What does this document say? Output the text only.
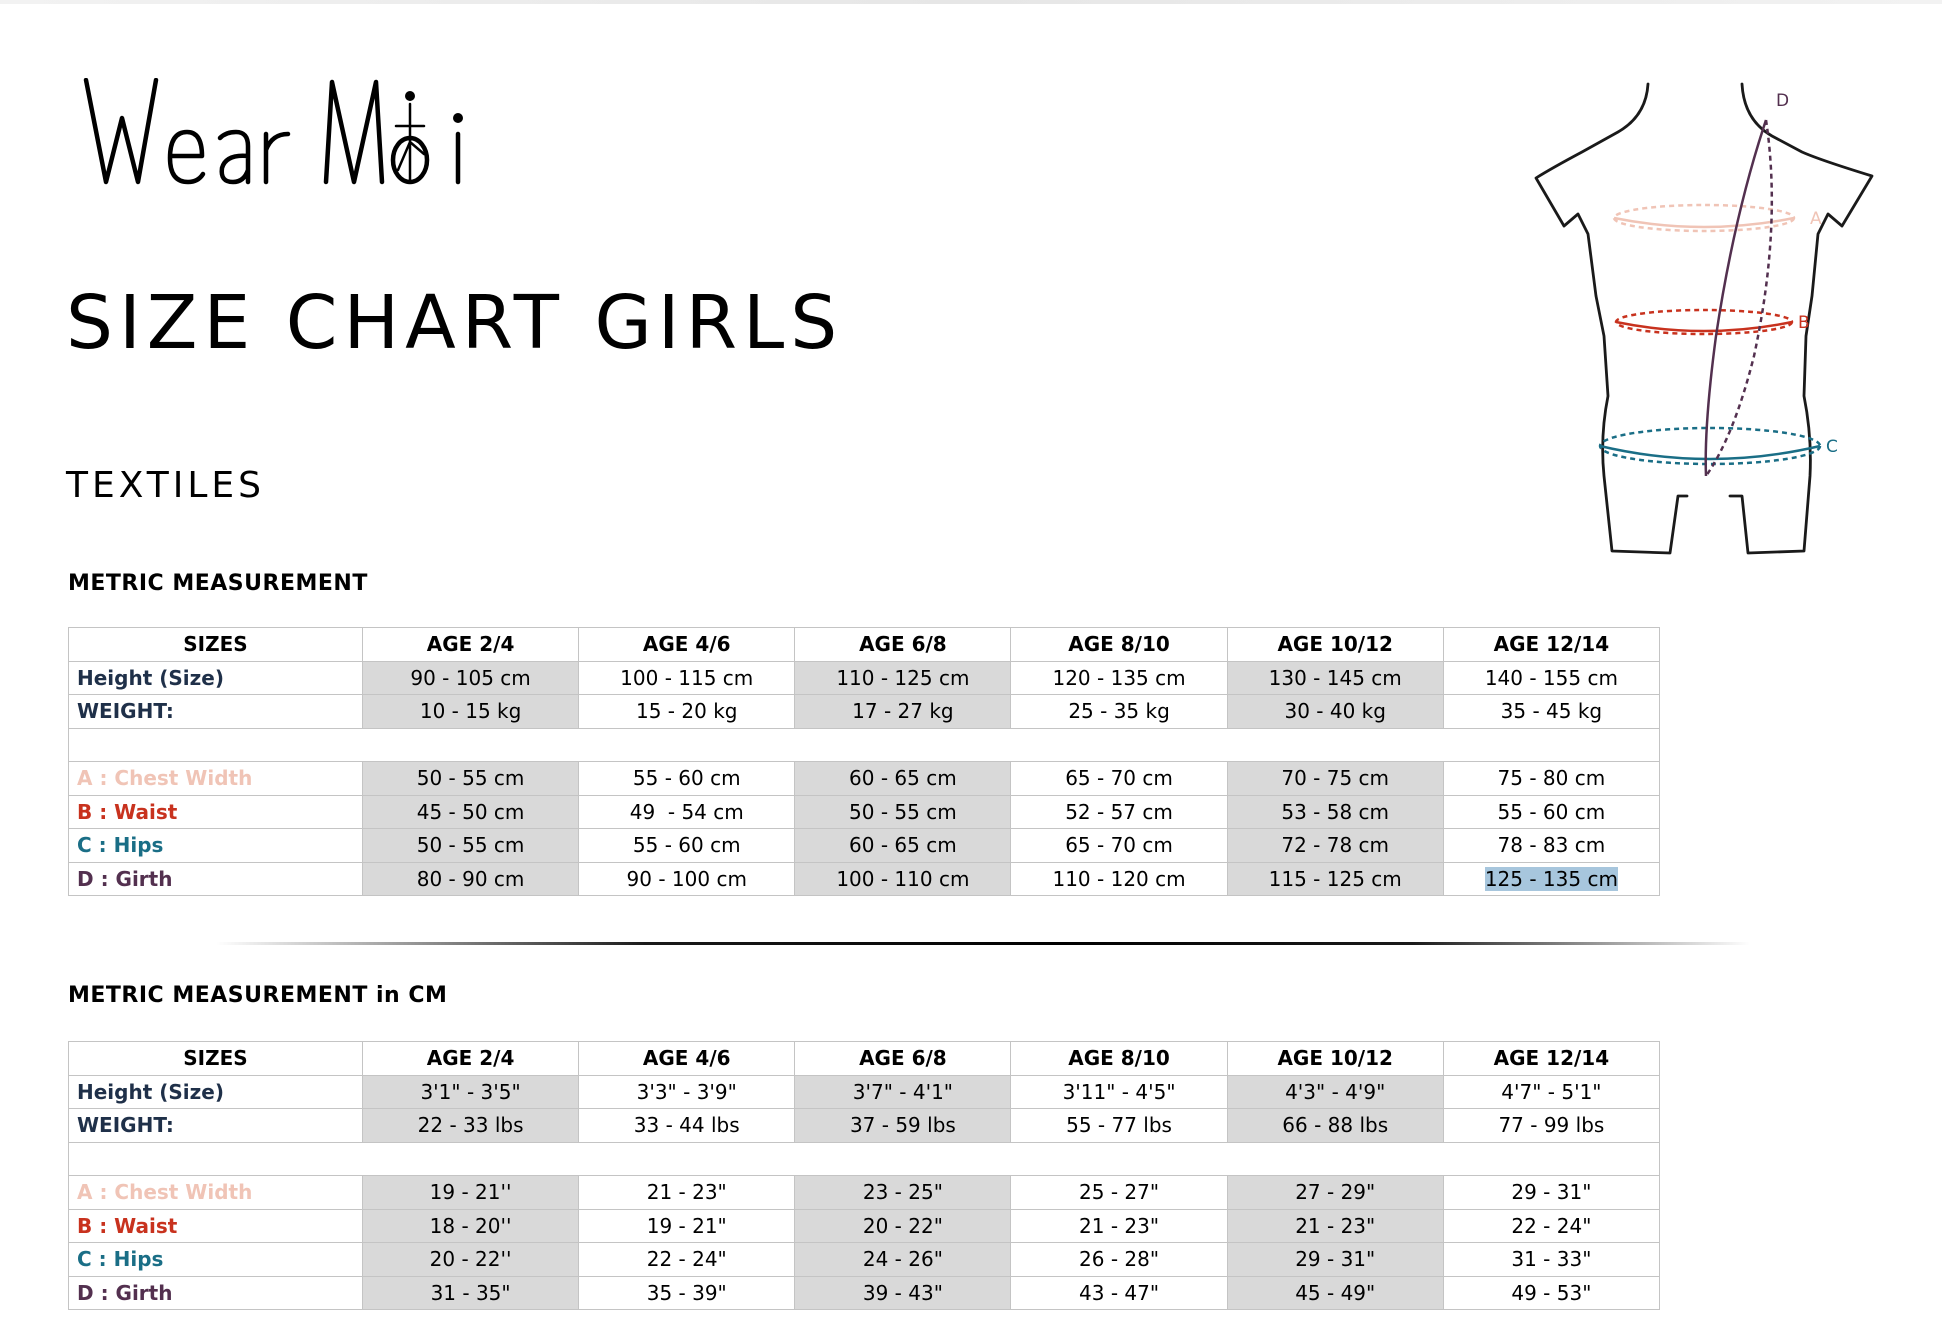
SIZE CHART GIRLS
TEXTILES
A
B
C
D
METRIC MEASUREMENT
SIZES	AGE 2/4	AGE 4/6	AGE 6/8	AGE 8/10	AGE 10/12	AGE 12/14
Height (Size)	90 - 105 cm	100 - 115 cm	110 - 125 cm	120 - 135 cm	130 - 145 cm	140 - 155 cm
WEIGHT:	10 - 15 kg	15 - 20 kg	17 - 27 kg	25 - 35 kg	30 - 40 kg	35 - 45 kg

A : Chest Width	50 - 55 cm	55 - 60 cm	60 - 65 cm	65 - 70 cm	70 - 75 cm	75 - 80 cm
B : Waist	45 - 50 cm	49  - 54 cm	50 - 55 cm	52 - 57 cm	53 - 58 cm	55 - 60 cm
C : Hips	50 - 55 cm	55 - 60 cm	60 - 65 cm	65 - 70 cm	72 - 78 cm	78 - 83 cm
D : Girth	80 - 90 cm	90 - 100 cm	100 - 110 cm	110 - 120 cm	115 - 125 cm	125 - 135 cm
METRIC MEASUREMENT in CM
SIZES	AGE 2/4	AGE 4/6	AGE 6/8	AGE 8/10	AGE 10/12	AGE 12/14
Height (Size)	3'1" - 3'5"	3'3" - 3'9"	3'7" - 4'1"	3'11" - 4'5"	4'3" - 4'9"	4'7" - 5'1"
WEIGHT:	22 - 33 lbs	33 - 44 lbs	37 - 59 lbs	55 - 77 lbs	66 - 88 lbs	77 - 99 lbs

A : Chest Width	19 - 21''	21 - 23"	23 - 25"	25 - 27"	27 - 29"	29 - 31"
B : Waist	18 - 20''	19 - 21"	20 - 22"	21 - 23"	21 - 23"	22 - 24"
C : Hips	20 - 22''	22 - 24"	24 - 26"	26 - 28"	29 - 31"	31 - 33"
D : Girth	31 - 35"	35 - 39"	39 - 43"	43 - 47"	45 - 49"	49 - 53"
